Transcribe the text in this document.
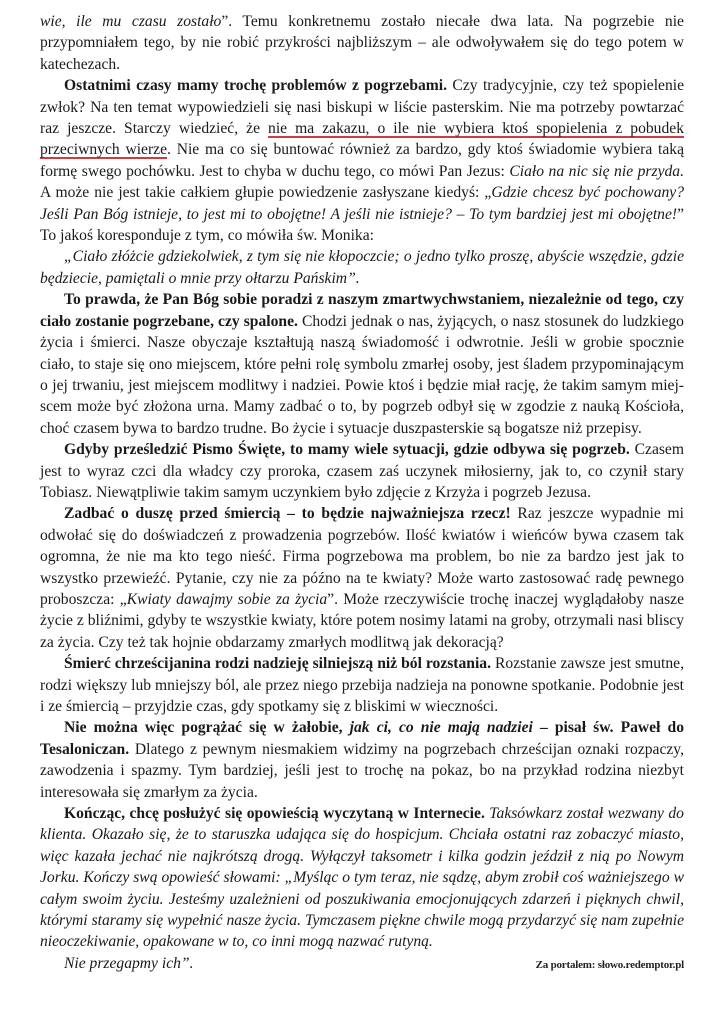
wie, ile mu czasu zostało”. Temu konkretnemu zostało niecałe dwa lata. Na pogrzebie nie przypomniałem tego, by nie robić przykrości najbliższym – ale odwoływałem się do tego potem w katechezach.

Ostatnimi czasy mamy trochę problemów z pogrzebami. Czy tradycyjnie, czy też spopielenie zwłok? Na ten temat wypowiedzieli się nasi biskupi w liście pasterskim. Nie ma potrzeby powtarzać raz jeszcze. Starczy wiedzieć, że nie ma zakazu, o ile nie wybiera ktoś spopielenia z pobudek przeciwnych wierze. Nie ma co się buntować również za bardzo, gdy ktoś świadomie wybiera taką formę swego pochówku. Jest to chyba w duchu tego, co mówi Pan Jezus: Ciało na nic się nie przyda. A może nie jest takie całkiem głupie powiedzenie zasłyszane kiedyś: „Gdzie chcesz być pochowany? Jeśli Pan Bóg istnieje, to jest mi to obojętne! A jeśli nie istnieje? – To tym bardziej jest mi obojętne!” To jakoś koresponduje z tym, co mówiła św. Monika:

„Ciało złóżcie gdziekolwiek, z tym się nie kłopoczcie; o jedno tylko proszę, abyście wszędzie, gdzie będziecie, pamiętali o mnie przy ołtarzu Pańskim”.

To prawda, że Pan Bóg sobie poradzi z naszym zmartwychwstaniem, niezależnie od tego, czy ciało zostanie pogrzebane, czy spalone. Chodzi jednak o nas, żyjących, o nasz stosunek do ludzkiego życia i śmierci. Nasze obyczaje kształtują naszą świadomość i odwrotnie. Jeśli w grobie spocznie ciało, to staje się ono miejscem, które pełni rolę symbolu zmarłej osoby, jest śladem przypominającym o jej trwaniu, jest miejscem modlitwy i nadziei. Powie ktoś i będzie miał rację, że takim samym miejscem może być złożona urna. Mamy zadbać o to, by pogrzeb odbył się w zgodzie z nauką Kościoła, choć czasem bywa to bardzo trudne. Bo życie i sytuacje duszpasterskie są bogatsze niż przepisy.

Gdyby prześledzić Pismo Święte, to mamy wiele sytuacji, gdzie odbywa się pogrzeb. Czasem jest to wyraz czci dla władcy czy proroka, czasem zaś uczynek miłosierny, jak to, co czynił stary Tobiasz. Niewątpliwie takim samym uczynkiem było zdjęcie z Krzyża i pogrzeb Jezusa.

Zadbać o duszę przed śmiercią – to będzie najważniejsza rzecz! Raz jeszcze wypadnie mi odwołać się do doświadczeń z prowadzenia pogrzebów. Ilość kwiatów i wieńców bywa czasem tak ogromna, że nie ma kto tego nieść. Firma pogrzebowa ma problem, bo nie za bardzo jest jak to wszystko przewieźć. Pytanie, czy nie za późno na te kwiaty? Może warto zastosować radę pewnego proboszcza: „Kwiaty dawajmy sobie za życia”. Może rzeczywiście trochę inaczej wyglądałoby nasze życie z bliźnimi, gdyby te wszystkie kwiaty, które potem nosimy latami na groby, otrzymali nasi bliscy za życia. Czy też tak hojnie obdarzamy zmarłych modlitwą jak dekoracją?

Śmierć chrześcijanina rodzi nadzieję silniejszą niż ból rozstania. Rozstanie zawsze jest smutne, rodzi większy lub mniejszy ból, ale przez niego przebija nadzieja na ponowne spotkanie. Podobnie jest i ze śmiercią – przyjdzie czas, gdy spotkamy się z bliskimi w wieczności.

Nie można więc pogrążać się w żałobie, jak ci, co nie mają nadziei – pisał św. Paweł do Tesaloniczan. Dlatego z pewnym niesmakiem widzimy na pogrzebach chrześcijan oznaki rozpaczy, zawodzenia i spazmy. Tym bardziej, jeśli jest to trochę na pokaz, bo na przykład rodzina niezbyt interesowała się zmarłym za życia.

Kończąc, chcę posłużyć się opowieścią wyczytaną w Internecie. Taksówkarz został wezwany do klienta. Okazało się, że to staruszka udająca się do hospicjum. Chciała ostatni raz zobaczyć miasto, więc kazała jechać nie najkrótszą drogą. Wyłączył taksometr i kilka godzin jeździł z nią po Nowym Jorku. Kończy swą opowieść słowami: „Myśląc o tym teraz, nie sądzę, abym zrobił coś ważniejszego w całym swoim życiu. Jesteśmy uzależnieni od poszukiwania emocjonujących zdarzeń i pięknych chwil, którymi staramy się wypełnić nasze życia. Tymczasem piękne chwile mogą przydarzyć się nam zupełnie nieoczekiwanie, opakowane w to, co inni mogą nazwać rutyną.

Nie przegapmy ich”.	Za portalem: słowo.redemptor.pl
